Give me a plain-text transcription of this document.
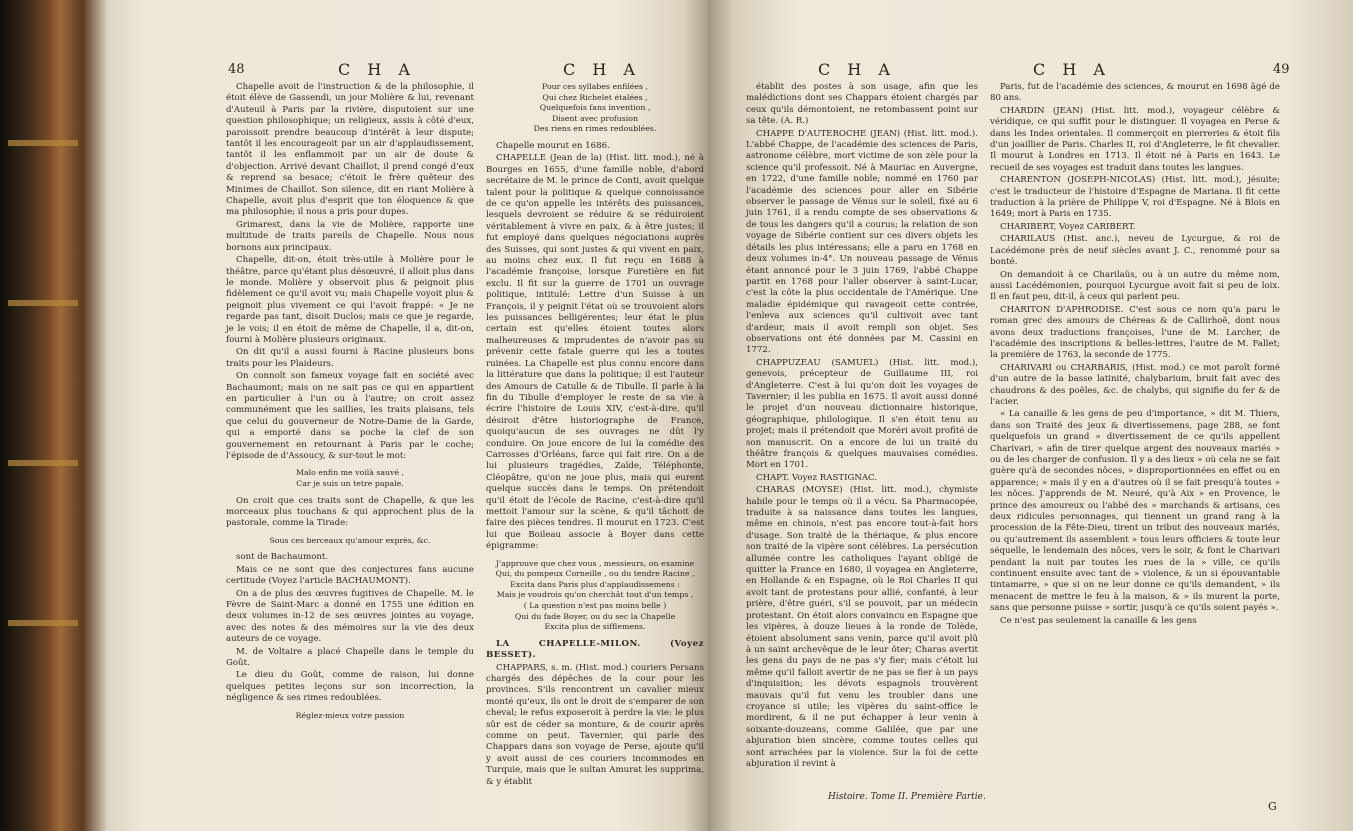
48	C H A	C H A

Chapelle avoit de l'instruction & de la philosophie, il étoit élève de Gassendi, un jour Molière & lui, revenant d'Auteuil à Paris par la rivière, disputoient sur une question philosophique; un religieux, assis à côté d'eux, paroissoit prendre beaucoup d'intérêt à leur dispute; tantôt il les encourageoit par un air d'applaudissement, tantôt il les enflammoit par un air de doute & d'objection. Arrivé devant Chaillot, il prend congé d'eux & reprend sa besace; c'étoit le frère quêteur des Minimes de Chaillot. Son silence, dit en riant Molière à Chapelle, avoit plus d'esprit que ton éloquence & que ma philosophie; il nous a pris pour dupes.

Grimarest, dans la vie de Molière, rapporte une multitude de traits pareils de Chapelle. Nous nous bornons aux principaux.

Chapelle, dit-on, étoit très-utile à Molière pour le théâtre, parce qu'étant plus désœuvré, il alloit plus dans le monde. Molière y observoit plus & peignoit plus fidèlement ce qu'il avoit vu; mais Chapelle voyoit plus & peignoit plus vivement ce qui l'avoit frappé: « Je ne regarde pas tant, disoit Duclos; mais ce que je regarde, je le vois; il en étoit de même de Chapelle, il a, dit-on, fourni à Molière plusieurs originaux.

On dit qu'il a aussi fourni à Racine plusieurs bons traits pour les Plaideurs.

On connoît son fameux voyage fait en société avec Bachaumont; mais on ne sait pas ce qui en appartient en particulier à l'un ou à l'autre; on croit assez communément que les saillies, les traits plaisans, tels que celui du gouverneur de Notre-Dame de la Garde, qui a emporté dans sa poche la clef de son gouvernement en retournant à Paris par le coche; l'épisode de d'Assoucy, & sur-tout le mot:

Malo enfin me voilà sauvé ,
Car je suis un tetre papale.

On croit que ces traits sont de Chapelle, & que les morceaux plus touchans & qui approchent plus de la pastorale, comme la Tirade:

Sous ces berceaux qu'amour exprès, &c.

sont de Bachaumont.

Mais ce ne sont que des conjectures fans aucune certitude (Voyez l'article BACHAUMONT).

On a de plus des œuvres fugitives de Chapelle. M. le Fèvre de Saint-Marc a donné en 1755 une édition en deux volumes in-12 de ses œuvres jointes au voyage, avec des notes & des mémoires sur la vie des deux auteurs de ce voyage.

M. de Voltaire a placé Chapelle dans le temple du Goût.

Le dieu du Goût, comme de raison, lui donne quelques petites leçons sur son incorrection, la négligence & ses rimes redoublées.

Réglez-mieux votre passion
Pour ces syllabes enfilées ,
Qui chez Richelet étalées ,
Quelquefois fans invention ,
Disent avec profusion
Des riens en rimes redoublées.

Chapelle mourut en 1686.

CHAPELLE (Jean de la) (Hist. litt. mod.), né à Bourges en 1655, d'une famille noble, d'abord secrétaire de M. le prince de Conti, avoit quelque talent pour la politique & quelque connoissance de ce qu'on appelle les intérêts des puissances, lesquels devroient se réduire & se réduiroient véritablement à vivre en paix, & à être justes; il fut employé dans quelques négociations auprès des Suisses, qui sont justes & qui vivent en paix, au moins chez eux. Il fut reçu en 1688 à l'académie françoise, lorsque Furetière en fut exclu. Il fit sur la guerre de 1701 un ouvrage politique, intitulé: Lettre d'un Suisse à un François, il y peignit l'état où se trouvoient alors les puissances belligérentes; leur état le plus certain est qu'elles étoient toutes alors malheureuses & imprudentes de n'avoir pas su prévenir cette fatale guerre qui les a toutes ruinées. La Chapelle est plus connu encore dans la littérature que dans la politique; il est l'auteur des Amours de Catulle & de Tibulle. Il parle à la fin du Tibulle d'employer le reste de sa vie à écrire l'histoire de Louis XIV, c'est-à-dire, qu'il désiroit d'être historiographe de France, quoiqu'aucun de ses ouvrages ne dût l'y conduire. On joue encore de lui la comédie des Carrosses d'Orléans, farce qui fait rire. On a de lui plusieurs tragédies, Zaïde, Téléphonte, Cléopâtre, qu'on ne joue plus, mais qui eurent quelque succès dans le temps. On prétendoit qu'il étoit de l'école de Racine, c'est-à-dire qu'il mettoit l'amour sur la scène, & qu'il tâchoit de faire des pièces tendres. Il mourut en 1723. C'est lui que Boileau associe à Boyer dans cette épigramme:

J'approuve que chez vous , messieurs, on examine
Qui, du pompeux Corneille , ou du tendre Racine ,
Excita dans Paris plus d'applaudissemens :
Mais je voudrois qu'on cherchât tout d'un temps ,
( La question n'est pas moins belle )
Qui du fade Boyer, ou du sec la Chapelle
Excita plus de sifflemens.

LA CHAPELLE-MILON. (Voyez BESSET).

CHAPPARS, s. m. (Hist. mod.) couriers Persans chargés des dépêches de la cour pour les provinces. S'ils rencontrent un cavalier mieux monté qu'eux, ils ont le droit de s'emparer de son cheval; le refus exposeroit à perdre la vie: le plus sûr est de céder sa monture, & de courir après comme on peut. Tavernier, qui parle des Chappars dans son voyage de Perse, ajoute qu'il y avoit aussi de ces couriers incommodes en Turquie, mais que le sultan Amurat les supprima, & y établit

C H A	C H A	49

établit des postes à son usage, afin que les malédictions dont ses Chappars étoient chargés par ceux qu'ils démontoient, ne retombassent point sur sa tête. (A. R.)

CHAPPE D'AUTEROCHE (JEAN) (Hist. litt. mod.). L'abbé Chappe, de l'académie des sciences de Paris, astronome célèbre, mort victime de son zèle pour la science qu'il professoit. Né à Mauriac en Auvergne, en 1722, d'une famille noble; nommé en 1760 par l'académie des sciences pour aller en Sibérie observer le passage de Vénus sur le soleil, fixé au 6 juin 1761, il a rendu compte de ses observations & de tous les dangers qu'il a courus; la relation de son voyage de Sibérie contient sur ces divers objets les détails les plus intéressans; elle a paru en 1768 en deux volumes in-4°. Un nouveau passage de Vénus étant annoncé pour le 3 juin 1769, l'abbé Chappe partit en 1768 pour l'aller observer à saint-Lucar, c'est la côte la plus occidentale de l'Amérique. Une maladie épidémique qui ravageoit cette contrée, l'enleva aux sciences qu'il cultivoit avec tant d'ardeur, mais il avoit rempli son objet. Ses observations ont été données par M. Cassini en 1772.

CHAPPUZEAU (SAMUEL) (Hist. litt. mod.), genevois, précepteur de Guillaume III, roi d'Angleterre. C'est à lui qu'on doit les voyages de Tavernier; il les publia en 1675. Il avoit aussi donné le projet d'un nouveau dictionnaire historique, géographique, philologique. Il s'en étoit tenu au projet; mais il prétendoit que Moréri avoit profité de son manuscrit. On a encore de lui un traité du théâtre françois & quelques mauvaises comédies. Mort en 1701.

CHAPT. Voyez RASTIGNAC.

CHARAS (MOYSE) (Hist. litt. mod.), chymiste habile pour le temps où il a vécu. Sa Pharmacopée, traduite à sa naissance dans toutes les langues, même en chinois, n'est pas encore tout-à-fait hors d'usage. Son traité de la thériaque, & plus encore son traité de la vipère sont célèbres. La persécution allumée contre les catholiques l'ayant obligé de quitter la France en 1680, il voyagea en Angleterre, en Hollande & en Espagne, où le Roi Charles II qui avoit tant de protestans pour allié, confanté, à leur prière, d'être guéri, s'il se pouvoit, par un médecin protestant. On étoit alors convaincu en Espagne que les vipères, à douze lieues à la ronde de Tolède, étoient absolument sans venin, parce qu'il avoit plû à un saint archevêque de le leur ôter; Charas avertit les gens du pays de ne pas s'y fier; mais c'étoit lui même qu'il falloit avertir de ne pas se fier à un pays d'inquisition; les dévots espagnols trouvèrent mauvais qu'il fut venu les troubler dans une croyance si utile; les vipères du saint-office le mordirent, & il ne put échapper à leur venin à soixante-douzeans, comme Galilée, que par une abjuration bien sincère, comme toutes celles qui sont arrachées par la violence. Sur la foi de cette abjuration il revint à

Histoire. Tome II. Première Partie.

Paris, fut de l'académie des sciences, & mourut en 1698 âgé de 80 ans.

CHARDIN (JEAN) (Hist. litt. mod.), voyageur célèbre & véridique, ce qui suffit pour le distinguer. Il voyagea en Perse & dans les Indes orientales. Il commerçoit en pierreries & étoit fils d'un joaillier de Paris. Charles II, roi d'Angleterre, le fit chevalier. Il mourut à Londres en 1713. Il étoit né à Paris en 1643. Le recueil de ses voyages est traduit dans toutes les langues.

CHARENTON (JOSEPH-NICOLAS) (Hist. litt. mod.), jésuite; c'est le traducteur de l'histoire d'Espagne de Mariana. Il fit cette traduction à la prière de Philippe V, roi d'Espagne. Né à Blois en 1649; mort à Paris en 1735.

CHARIBERT, Voyez CARIBERT.

CHARILAUS (Hist. anc.), neveu de Lycurgue, & roi de Lacédémone près de neuf siècles avant J. C., renommé pour sa bonté.

On demandoit à ce Charilaüs, ou à un autre du même nom, aussi Lacédémonien, pourquoi Lycurgue avoit fait si peu de loix. Il en faut peu, dit-il, à ceux qui parlent peu.

CHARITON D'APHRODISE. C'est sous ce nom qu'a paru le roman grec des amours de Chéreas & de Callirhoë, dont nous avons deux traductions françoises, l'une de M. Larcher, de l'académie des inscriptions & belles-lettres, l'autre de M. Fallet; la première de 1763, la seconde de 1775.

CHARIVARI ou CHARBARIS, (Hist. mod.) ce mot paroît formé d'un autre de la basse latinité, chalybarium, bruit fait avec des chaudrons & des poëles, &c. de chalybs, qui signifie du fer & de l'acier.

« La canaille & les gens de peu d'importance, » dit M. Thiers, dans son Traité des jeux & divertissemens, page 288, se font quelquefois un grand » divertissement de ce qu'ils appellent Charivari, » afin de tirer quelque argent des nouveaux mariés » ou de les charger de confusion. Il y a des lieux » où cela ne se fait guère qu'à de secondes nôces, » disproportionnées en effet ou en apparence; » mais il y en a d'autres où il se fait presqu'à toutes » les nôces. J'apprends de M. Neuré, qu'à Aix » en Provence, le prince des amoureux ou l'abbé des » marchands & artisans, ces deux ridicules personnages, qui tiennent un grand rang à la procession de la Fête-Dieu, tirent un tribut des nouveaux mariés, ou qu'autrement ils assemblent » tous leurs officiers & toute leur séquelle, le lendemain des nôces, vers le soir, & font le Charivari pendant la nuit par toutes les rues de la » ville, ce qu'ils continuent ensuite avec tant de » violence, & un si épouvantable tintamarre, » que si on ne leur donne ce qu'ils demandent, » ils menacent de mettre le feu à la maison, & » ils murent la porte, sans que personne puisse » sortir, jusqu'à ce qu'ils soient payés ».

Ce n'est pas seulement la canaille & les gens

G
